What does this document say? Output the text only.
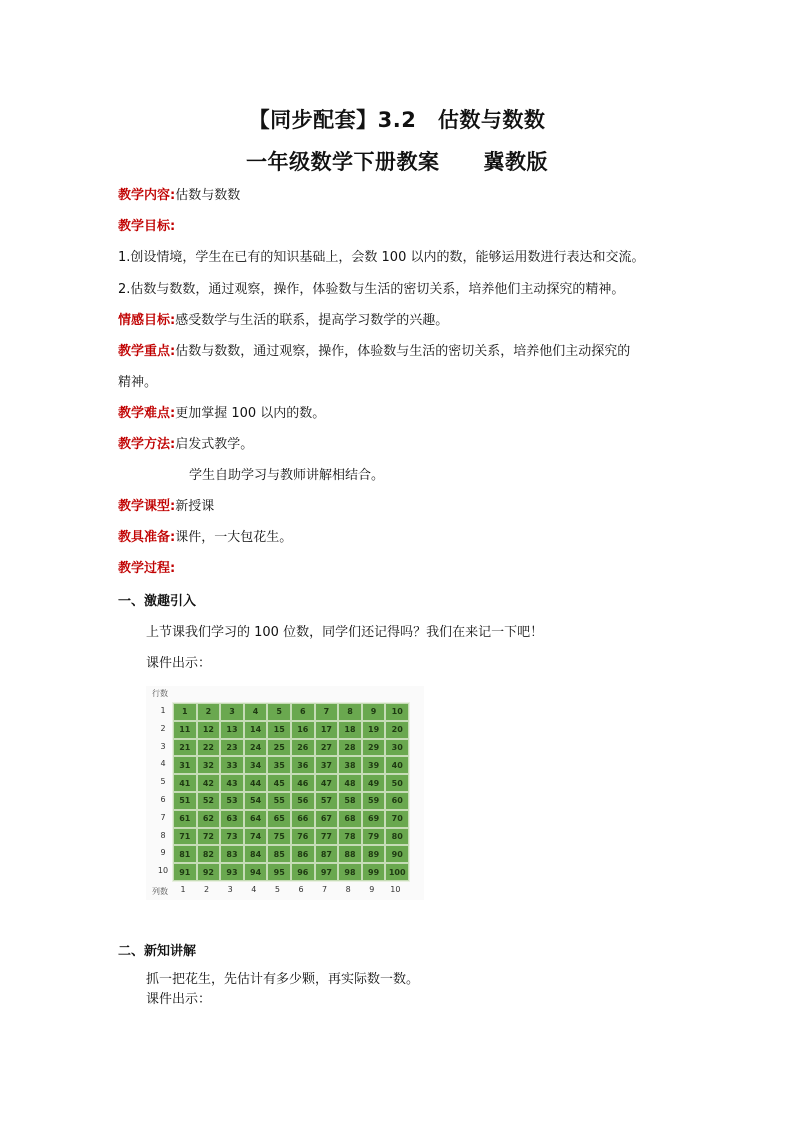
【同步配套】3.2　估数与数数
一年级数学下册教案 冀教版
教学内容:估数与数数
教学目标:
1.创设情境，学生在已有的知识基础上，会数 100 以内的数，能够运用数进行表达和交流。
2.估数与数数，通过观察，操作，体验数与生活的密切关系，培养他们主动探究的精神。
情感目标:感受数学与生活的联系，提高学习数学的兴趣。
教学重点:估数与数数，通过观察，操作，体验数与生活的密切关系，培养他们主动探究的
精神。
教学难点:更加掌握 100 以内的数。
教学方法:启发式教学。
学生自助学习与教师讲解相结合。
教学课型:新授课
教具准备:课件，一大包花生。
教学过程:
一、激趣引入
上节课我们学习的 100 位数，同学们还记得吗？我们在来记一下吧！
课件出示：
行数
1
2
3
4
5
6
7
8
9
10
1	2	3	4	5	6	7	8	9	10
11	12	13	14	15	16	17	18	19	20
21	22	23	24	25	26	27	28	29	30
31	32	33	34	35	36	37	38	39	40
41	42	43	44	45	46	47	48	49	50
51	52	53	54	55	56	57	58	59	60
61	62	63	64	65	66	67	68	69	70
71	72	73	74	75	76	77	78	79	80
81	82	83	84	85	86	87	88	89	90
91	92	93	94	95	96	97	98	99	100
列数	1	2	3	4	5	6	7	8	9	10
二、新知讲解
抓一把花生，先估计有多少颗，再实际数一数。
课件出示：
